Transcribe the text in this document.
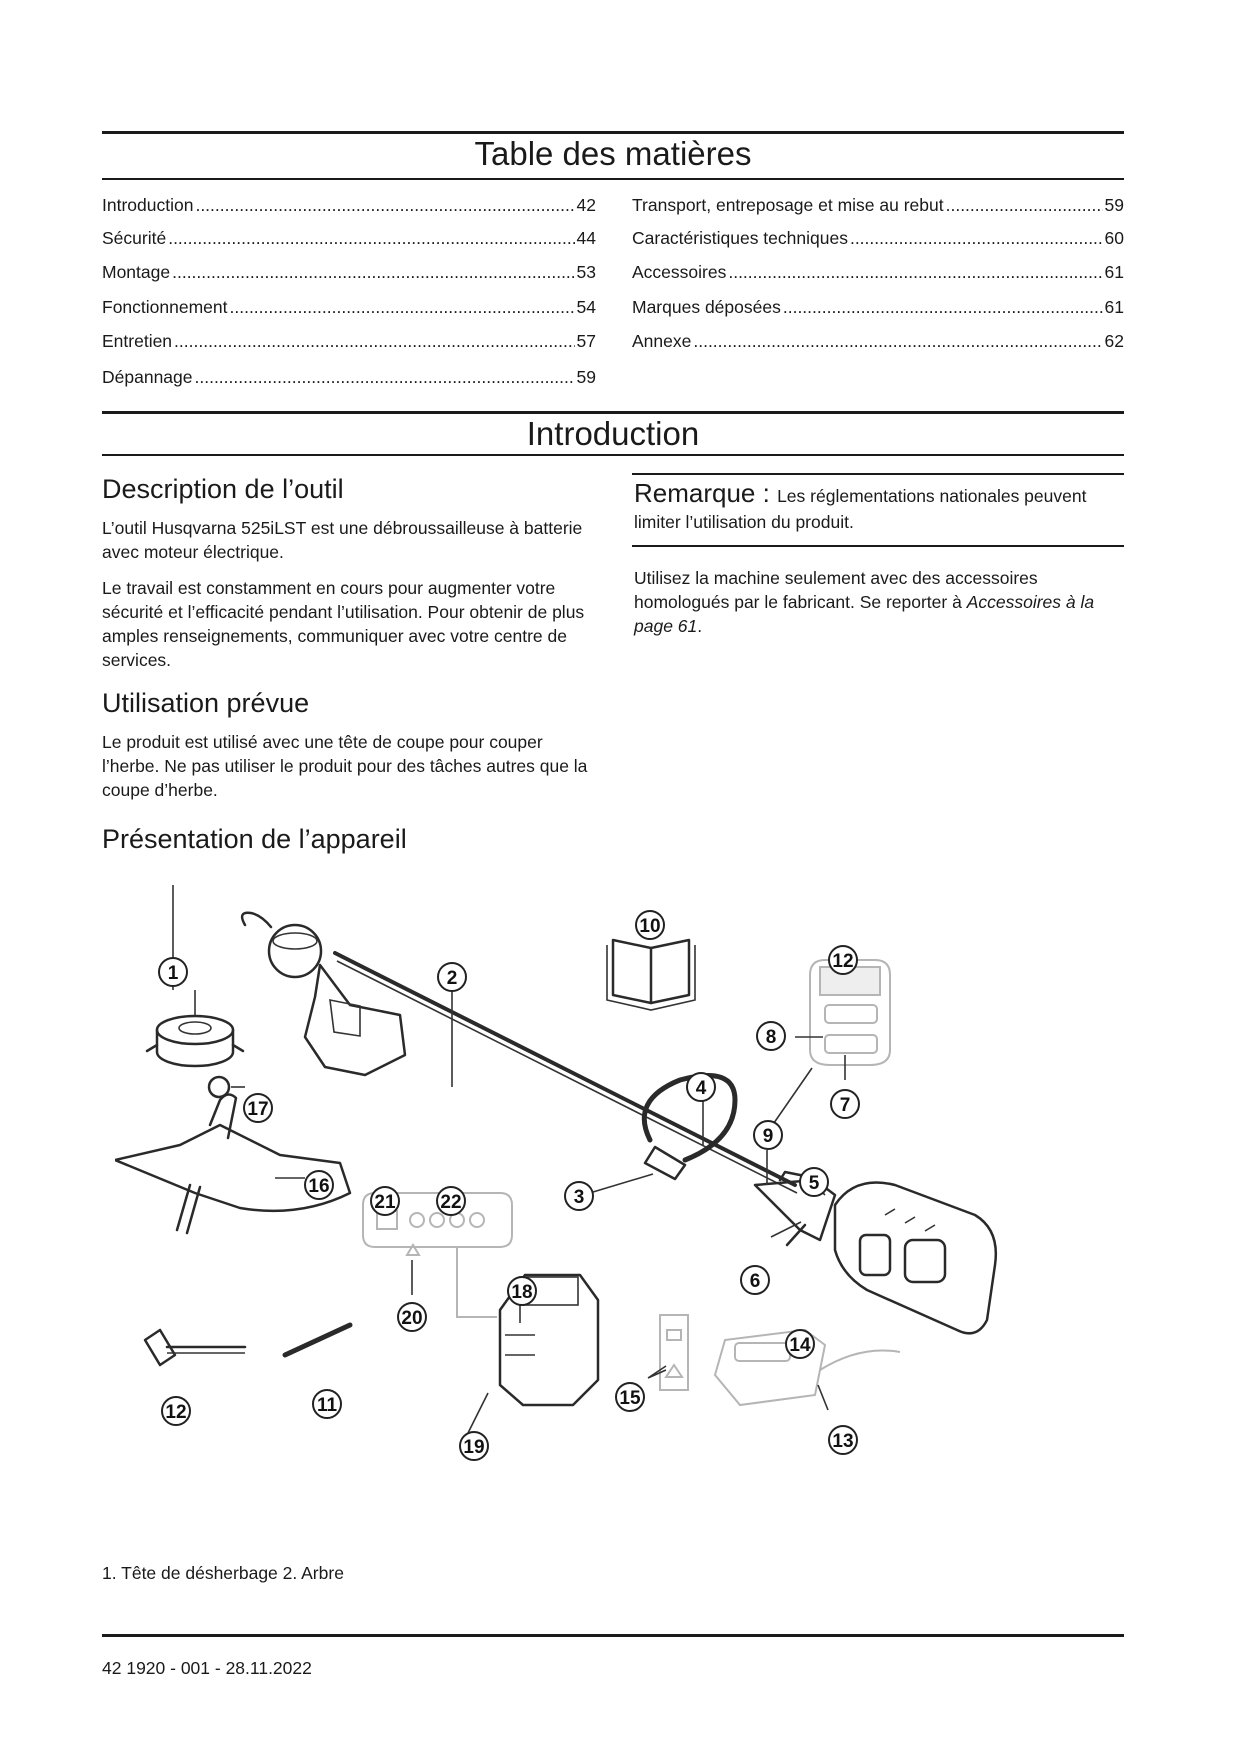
Table des matières
Introduction .....	42
Sécurité .....	44
Montage .....	53
Fonctionnement .....	54
Entretien .....	57
Dépannage .....	59
Transport, entreposage et mise au rebut .....	59
Caractéristiques techniques .....	60
Accessoires .....	61
Marques déposées .....	61
Annexe .....	62
Introduction
Description de l’outil
L’outil Husqvarna 525iLST est une débroussailleuse à batterie avec moteur électrique.
Le travail est constamment en cours pour augmenter votre sécurité et l’efficacité pendant l’utilisation. Pour obtenir de plus amples renseignements, communiquer avec votre centre de services.
Utilisation prévue
Le produit est utilisé avec une tête de coupe pour couper l’herbe. Ne pas utiliser le produit pour des tâches autres que la coupe d’herbe.
Présentation de l’appareil
Remarque : Les réglementations nationales peuvent limiter l’utilisation du produit.
Utilisez la machine seulement avec des accessoires homologués par le fabricant. Se reporter à Accessoires à la page 61.
1	2
3
4
5
6
7
8
9
10
11
12
12
13
14
15
16
17
18
19
20
21 22
1. Tête de désherbage 2. Arbre
42 1920 - 001 - 28.11.2022
